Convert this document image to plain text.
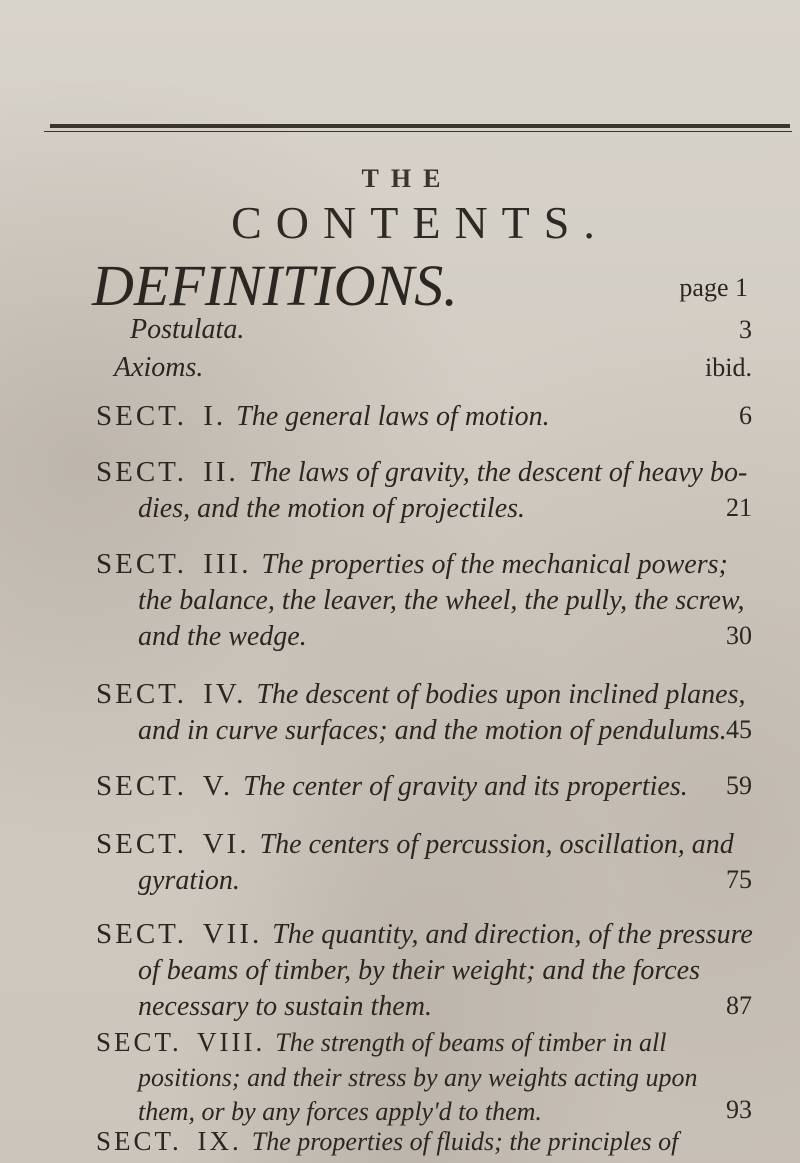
THE
CONTENTS.
DEFINITIONS.	page 1
Postulata.	3
Axioms.	ibid.
SECT. I. The general laws of motion.	6
SECT. II. The laws of gravity, the descent of heavy bo-
dies, and the motion of projectiles.	21
SECT. III. The properties of the mechanical powers;
the balance, the leaver, the wheel, the pully, the screw,
and the wedge.	30
SECT. IV. The descent of bodies upon inclined planes,
and in curve surfaces; and the motion of pendulums. 45
SECT. V. The center of gravity and its properties.	59
SECT. VI. The centers of percussion, oscillation, and
gyration.	75
SECT. VII. The quantity, and direction, of the pressure
of beams of timber, by their weight; and the forces
necessary to sustain them.	87
SECT. VIII. The strength of beams of timber in all
positions; and their stress by any weights acting upon
them, or by any forces apply'd to them.	93
SECT. IX. The properties of fluids; the principles of
